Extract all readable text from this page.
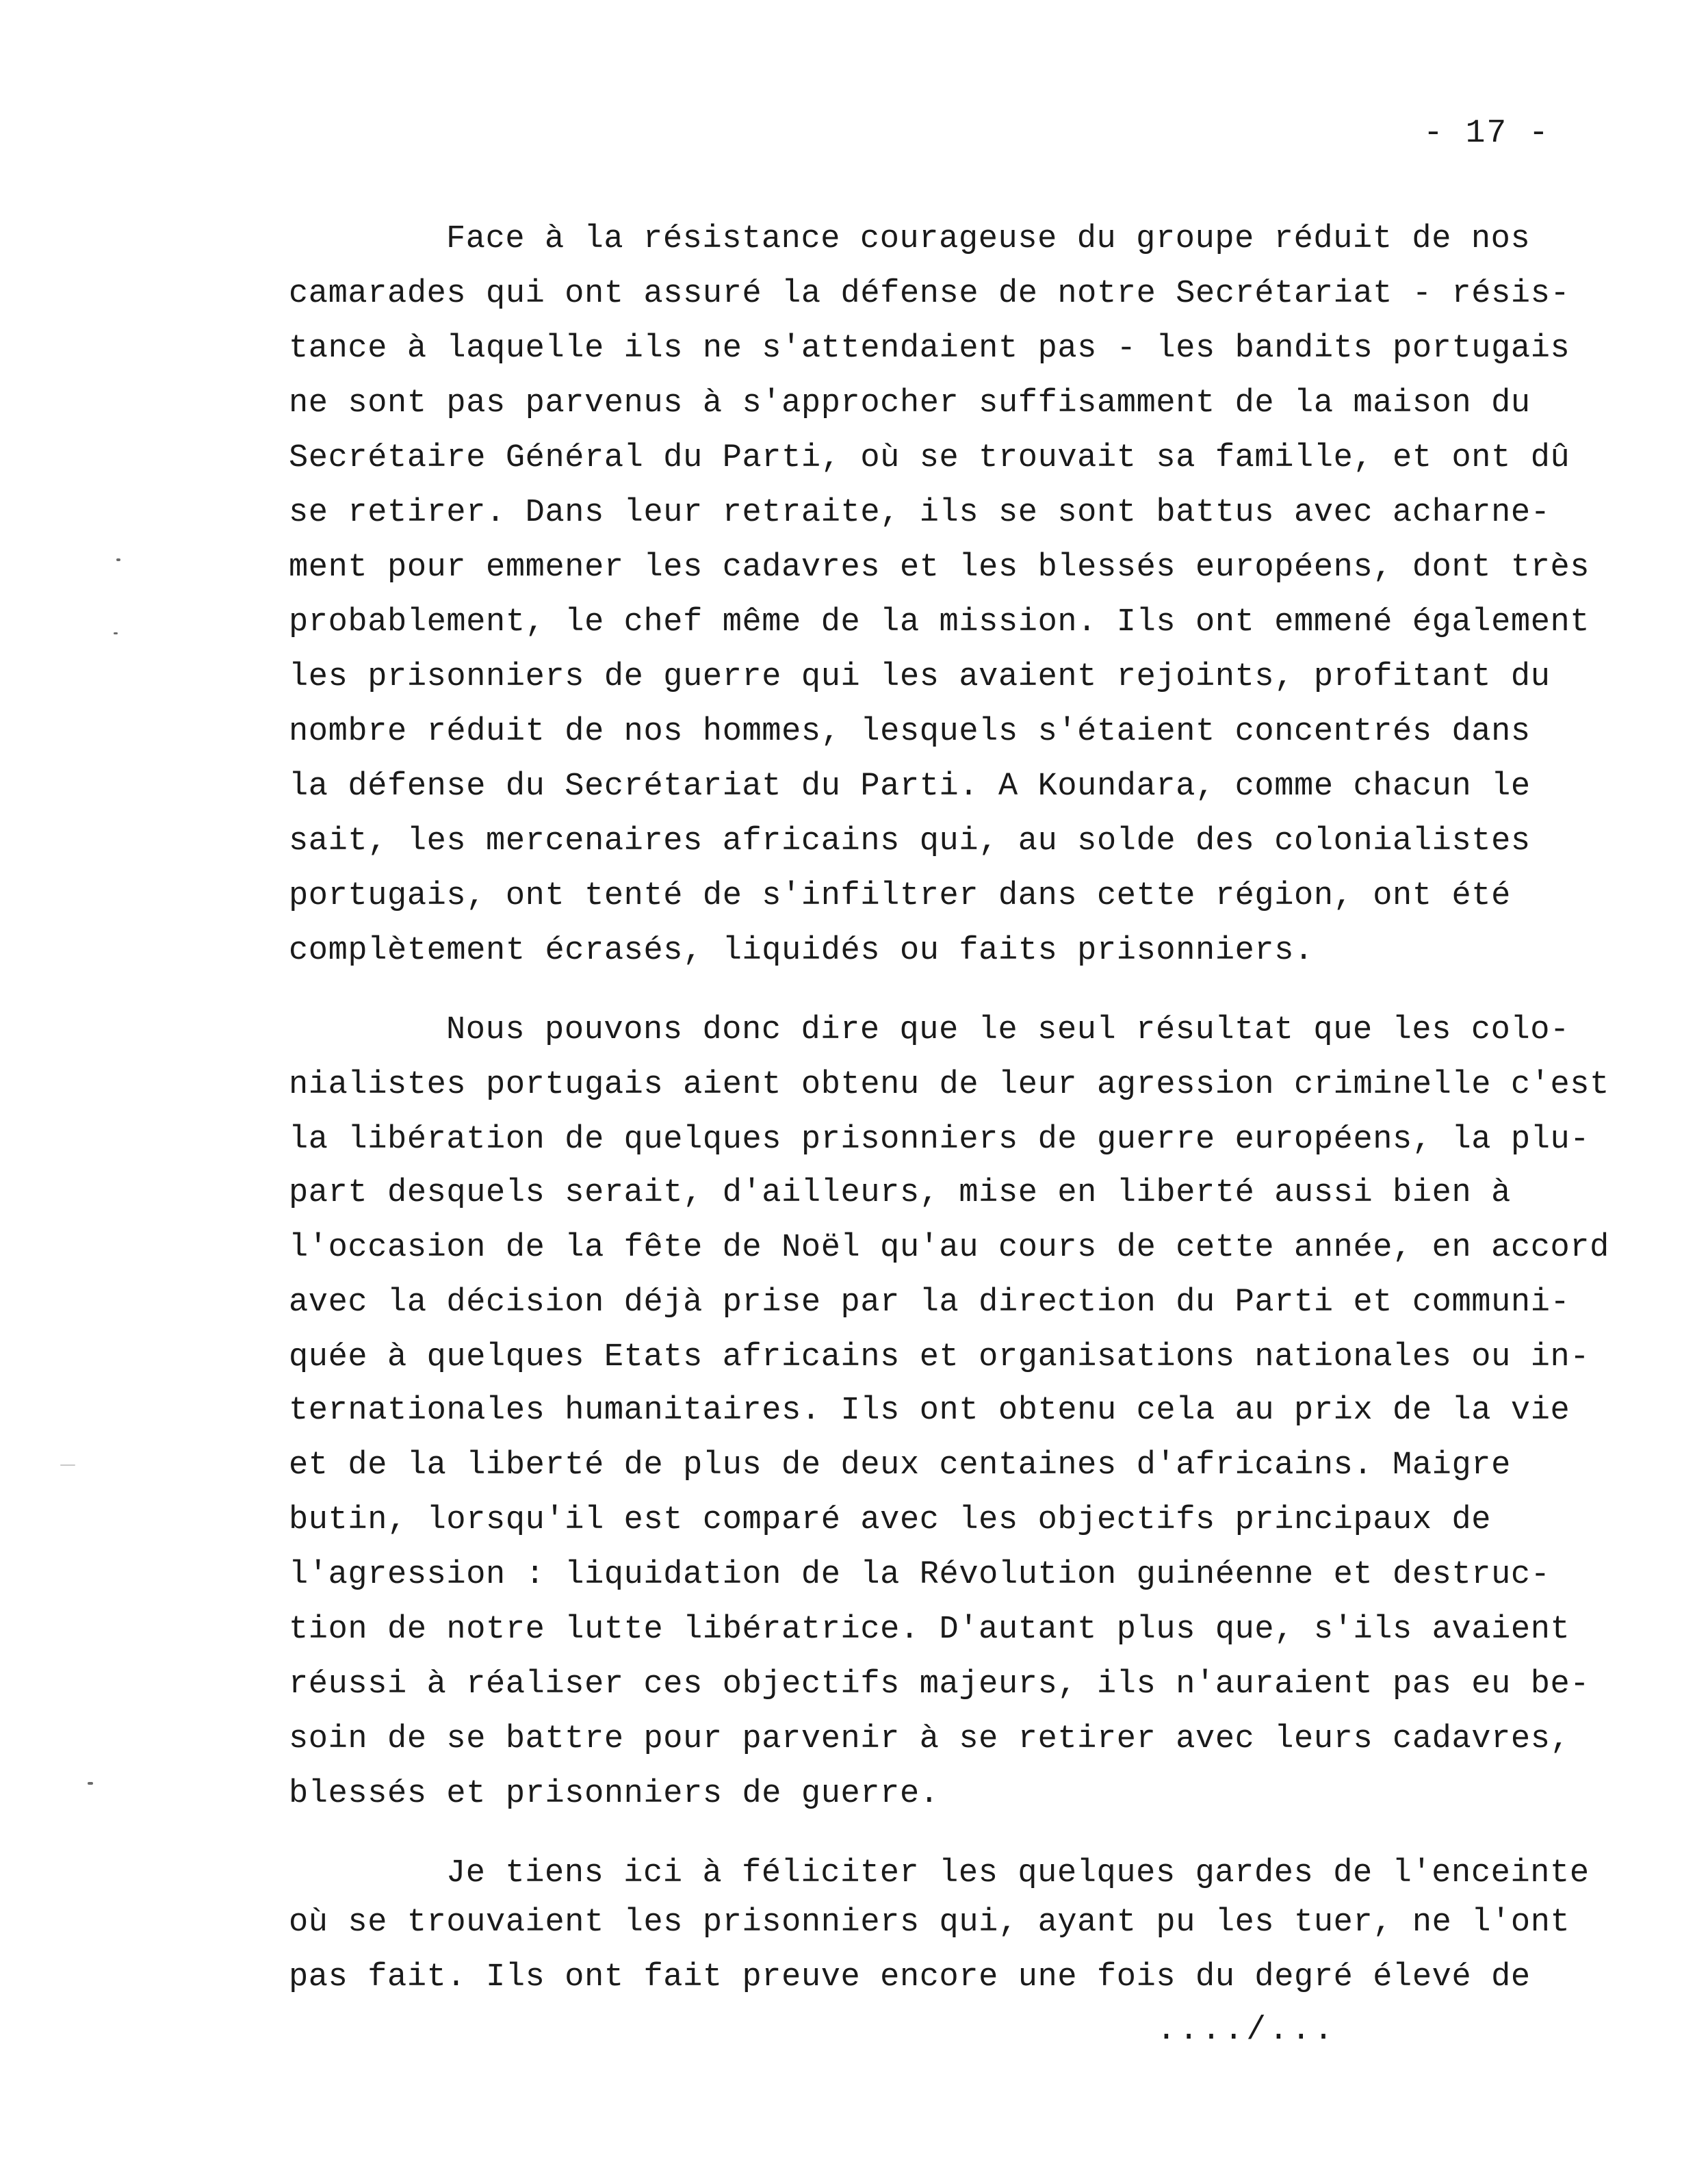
- 17 -
Face à la résistance courageuse du groupe réduit de nos
camarades qui ont assuré la défense de notre Secrétariat - résis-
tance à laquelle ils ne s'attendaient pas - les bandits portugais
ne sont pas parvenus à s'approcher suffisamment de la maison du
Secrétaire Général du Parti, où se trouvait sa famille, et ont dû
se retirer. Dans leur retraite, ils se sont battus avec acharne-
ment pour emmener les cadavres et les blessés européens, dont très
probablement, le chef même de la mission. Ils ont emmené également
les prisonniers de guerre qui les avaient rejoints, profitant du
nombre réduit de nos hommes, lesquels s'étaient concentrés dans
la défense du Secrétariat du Parti. A Koundara, comme chacun le
sait, les mercenaires africains qui, au solde des colonialistes
portugais, ont tenté de s'infiltrer dans cette région, ont été
complètement écrasés, liquidés ou faits prisonniers.
Nous pouvons donc dire que le seul résultat que les colo-
nialistes portugais aient obtenu de leur agression criminelle c'est
la libération de quelques prisonniers de guerre européens, la plu-
part desquels serait, d'ailleurs, mise en liberté aussi bien à
l'occasion de la fête de Noël qu'au cours de cette année, en accord
avec la décision déjà prise par la direction du Parti et communi-
quée à quelques Etats africains et organisations nationales ou in-
ternationales humanitaires. Ils ont obtenu cela au prix de la vie
et de la liberté de plus de deux centaines d'africains. Maigre
butin, lorsqu'il est comparé avec les objectifs principaux de
l'agression : liquidation de la Révolution guinéenne et destruc-
tion de notre lutte libératrice. D'autant plus que, s'ils avaient
réussi à réaliser ces objectifs majeurs, ils n'auraient pas eu be-
soin de se battre pour parvenir à se retirer avec leurs cadavres,
blessés et prisonniers de guerre.
Je tiens ici à féliciter les quelques gardes de l'enceinte
où se trouvaient les prisonniers qui, ayant pu les tuer, ne l'ont
pas fait. Ils ont fait preuve encore une fois du degré élevé de
..../...
